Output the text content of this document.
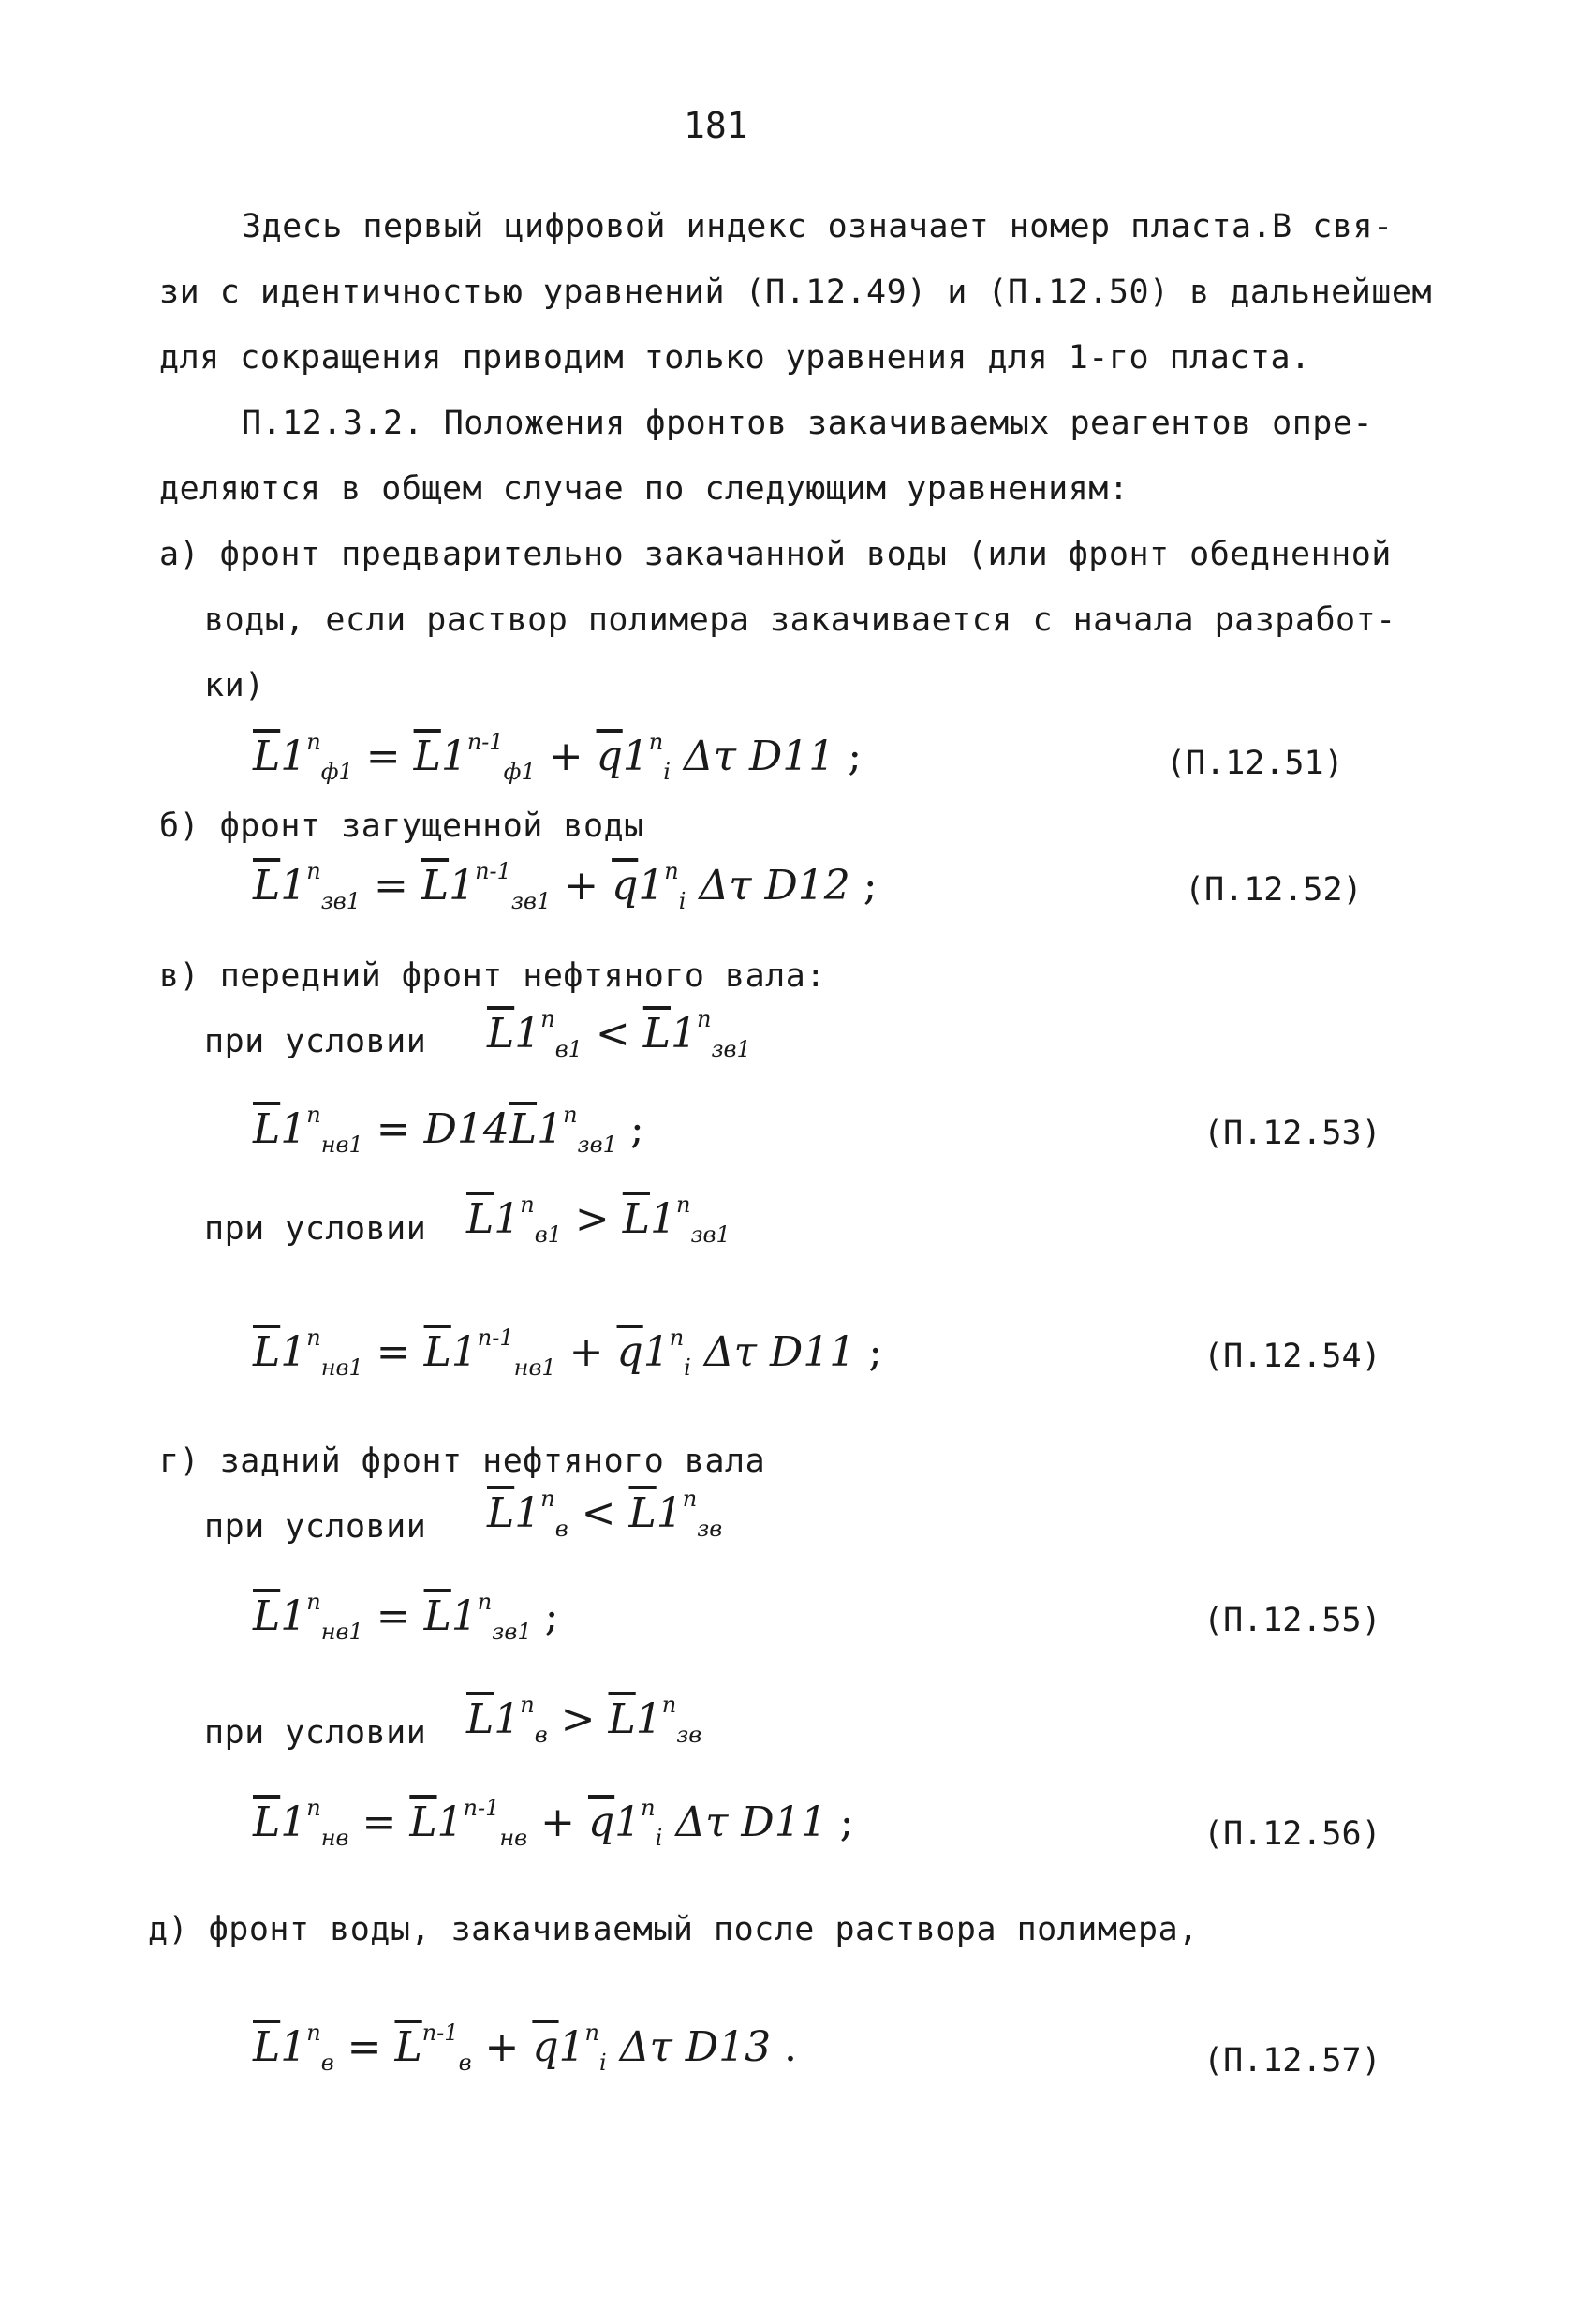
181
Здесь первый цифровой индекс означает номер пласта.В свя-
зи с идентичностью уравнений (П.12.49) и (П.12.50) в дальнейшем
для сокращения приводим только уравнения для 1-го пласта.
П.12.3.2. Положения фронтов закачиваемых реагентов опре-
деляются в общем случае по следующим уравнениям:
а) фронт предварительно закачанной воды (или фронт обедненной
воды, если раствор полимера закачивается с начала разработ-
ки)
$\overline{L}1^n_{ф1} = \overline{L}1^{n-1}_{ф1} + \overline{q}1^n_i$ Δτ D11 ;	(П.12.51)
б) фронт загущенной воды
$\overline{L}1^n_{зв1} = \overline{L}1^{n-1}_{зв1} + \overline{q}1^n_i$ Δτ D12 ;	(П.12.52)
в) передний фронт нефтяного вала:
при условии $\overline{L}1^n_{в1} < \overline{L}1^n_{зв1}$
$\overline{L}1^n_{нв1} = D14\overline{L}1^n_{зв1}$ ;	(П.12.53)
при условии $\overline{L}1^n_{в1} > \overline{L}1^n_{зв1}$
$\overline{L}1^n_{нв1} = \overline{L}1^{n-1}_{нв1} + \overline{q}1^n_i$ Δτ D11 ;	(П.12.54)
г) задний фронт нефтяного вала
при условии $\overline{L}1^n_в < \overline{L}1^n_{зв}$
$\overline{L}1^n_{нв1} = \overline{L}1^n_{зв1}$ ;	(П.12.55)
при условии $\overline{L}1^n_в > \overline{L}1^n_{зв}$
$\overline{L}1^n_{нв} = \overline{L}1^{n-1}_{нв} + \overline{q}1^n_i$ Δτ D11 ;	(П.12.56)
д) фронт воды, закачиваемый после раствора полимера,
$\overline{L}1^n_в = \overline{L}^{n-1}_в + \overline{q}1^n_i$ Δτ D13 .	(П.12.57)
